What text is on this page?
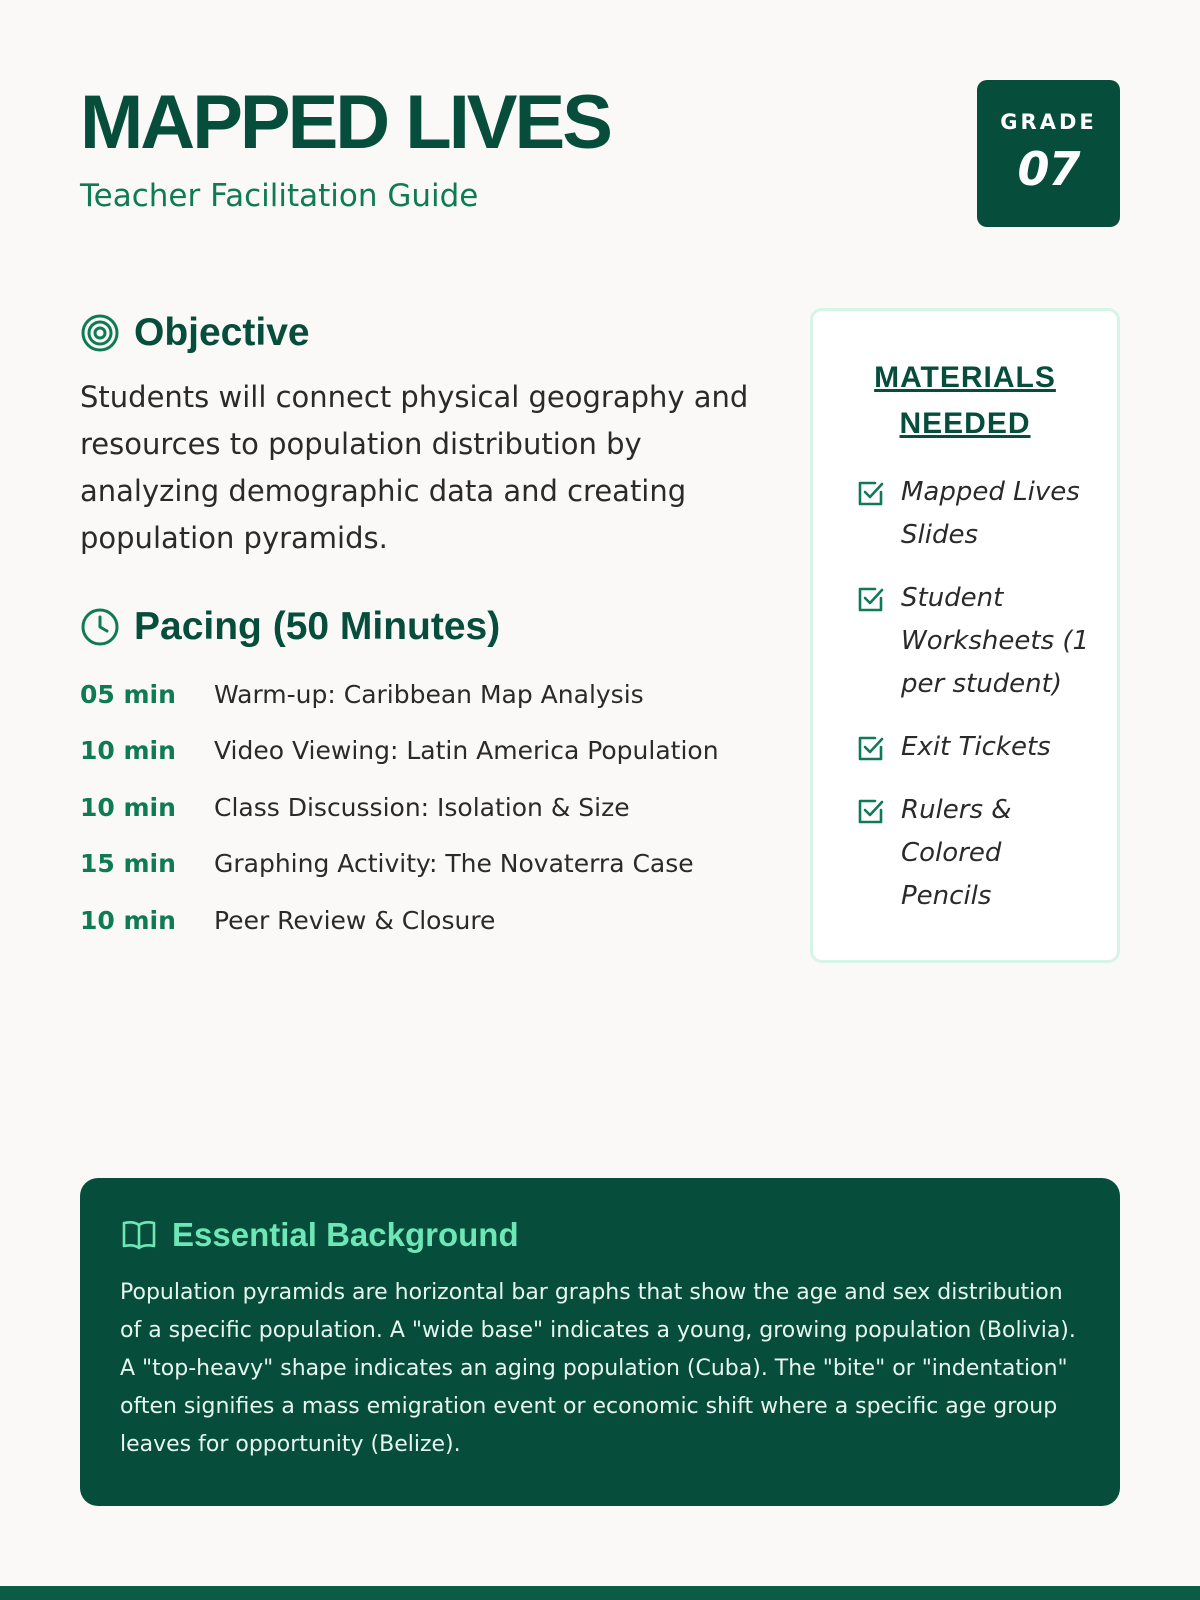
MAPPED LIVES
Teacher Facilitation Guide
GRADE
07
Objective
Students will connect physical geography and resources to population distribution by analyzing demographic data and creating population pyramids.
Pacing (50 Minutes)
05 min	Warm-up: Caribbean Map Analysis
10 min	Video Viewing: Latin America Population
10 min	Class Discussion: Isolation & Size
15 min	Graphing Activity: The Novaterra Case
10 min	Peer Review & Closure
MATERIALS NEEDED
Mapped Lives Slides
Student Worksheets (1 per student)
Exit Tickets
Rulers & Colored Pencils
Essential Background
Population pyramids are horizontal bar graphs that show the age and sex distribution of a specific population. A "wide base" indicates a young, growing population (Bolivia). A "top-heavy" shape indicates an aging population (Cuba). The "bite" or "indentation" often signifies a mass emigration event or economic shift where a specific age group leaves for opportunity (Belize).
